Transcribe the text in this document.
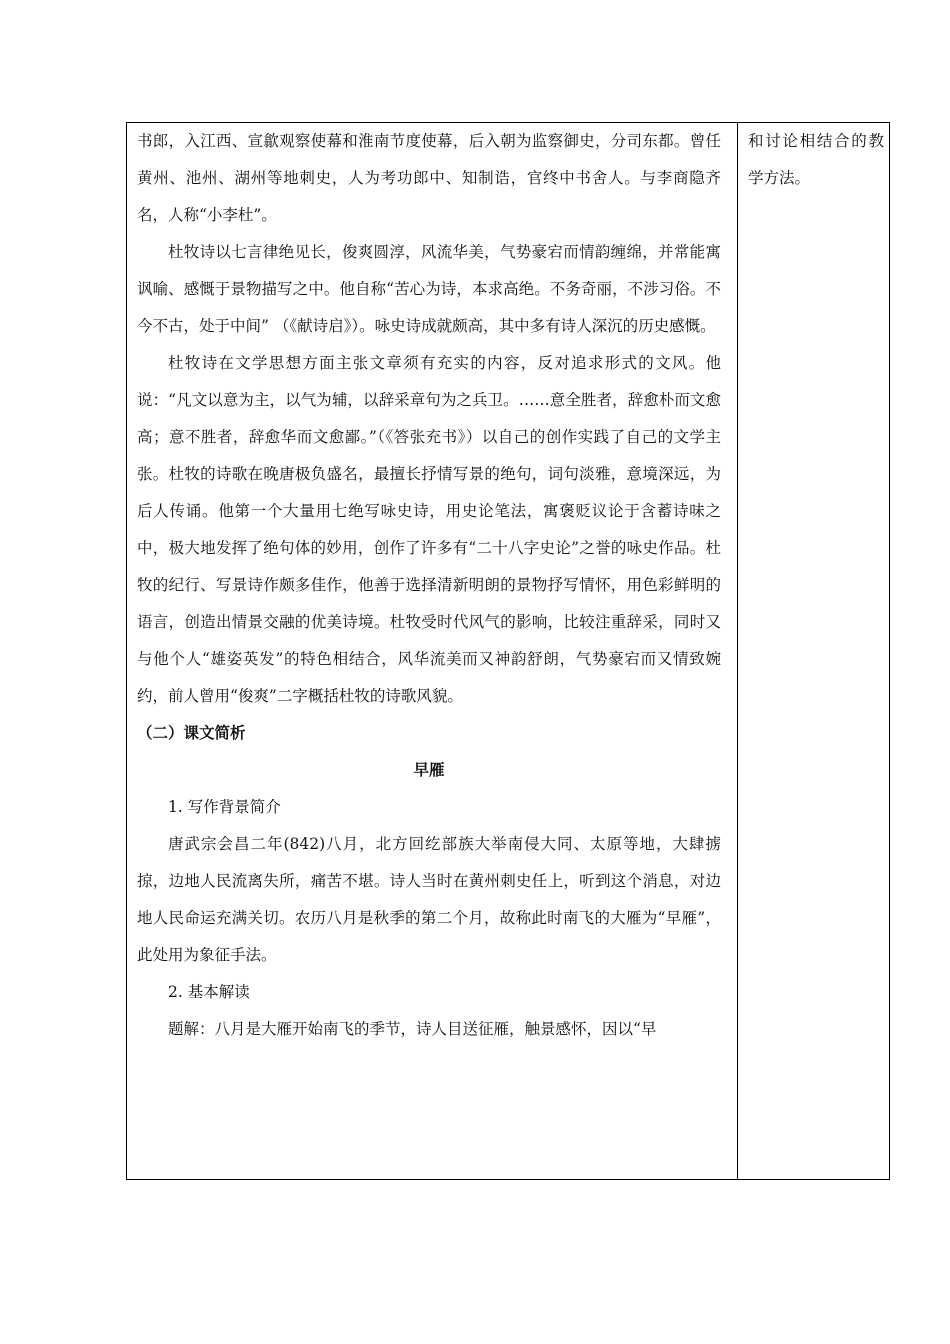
书郎，入江西、宣歙观察使幕和淮南节度使幕，后入朝为监察御史，分司东都。曾任黄州、池州、湖州等地刺史，人为考功郎中、知制诰，官终中书舍人。与李商隐齐名，人称“小李杜”。

杜牧诗以七言律绝见长，俊爽圆淳，风流华美，气势豪宕而情韵缠绵，并常能寓讽喻、感慨于景物描写之中。他自称“苦心为诗，本求高绝。不务奇丽，不涉习俗。不今不古，处于中间” （《献诗启》）。咏史诗成就颇高，其中多有诗人深沉的历史感慨。

杜牧诗在文学思想方面主张文章须有充实的内容，反对追求形式的文风。他说：“凡文以意为主，以气为辅，以辞采章句为之兵卫。……意全胜者，辞愈朴而文愈高；意不胜者，辞愈华而文愈鄙。”（《答张充书》）以自己的创作实践了自己的文学主张。杜牧的诗歌在晚唐极负盛名，最擅长抒情写景的绝句，词句淡雅，意境深远，为后人传诵。他第一个大量用七绝写咏史诗，用史论笔法，寓褒贬议论于含蓄诗味之中，极大地发挥了绝句体的妙用，创作了许多有“二十八字史论”之誉的咏史作品。杜牧的纪行、写景诗作颇多佳作，他善于选择清新明朗的景物抒写情怀，用色彩鲜明的语言，创造出情景交融的优美诗境。杜牧受时代风气的影响，比较注重辞采，同时又与他个人“雄姿英发”的特色相结合，风华流美而又神韵舒朗，气势豪宕而又情致婉约，前人曾用“俊爽”二字概括杜牧的诗歌风貌。

（二）课文简析

早雁

1. 写作背景简介

唐武宗会昌二年(842)八月，北方回纥部族大举南侵大同、太原等地，大肆掳掠，边地人民流离失所，痛苦不堪。诗人当时在黄州刺史任上，听到这个消息，对边地人民命运充满关切。农历八月是秋季的第二个月，故称此时南飞的大雁为“早雁”，此处用为象征手法。

2. 基本解读

题解：八月是大雁开始南飞的季节，诗人目送征雁，触景感怀，因以“早

和讨论相结合的教学方法。
